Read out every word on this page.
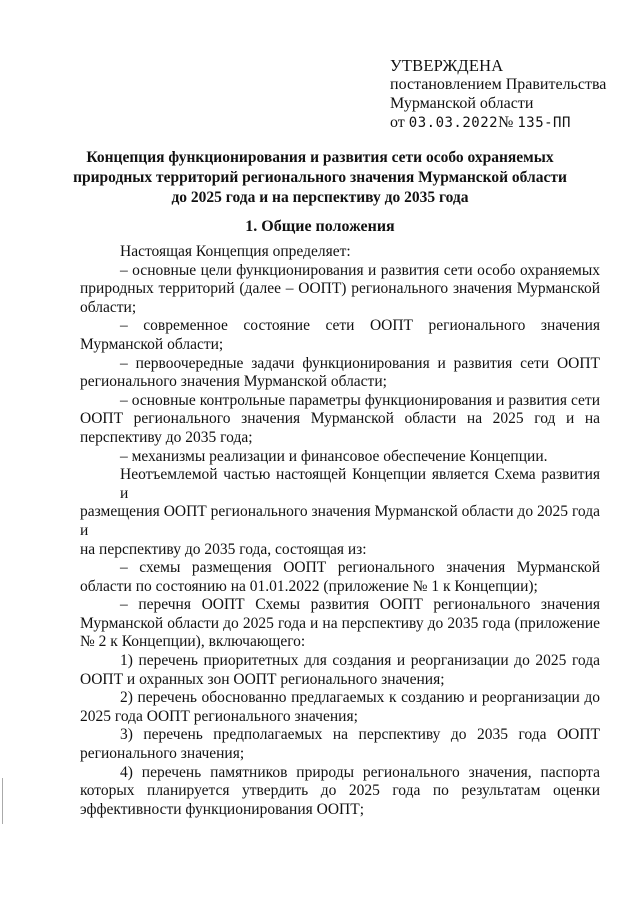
УТВЕРЖДЕНА
постановлением Правительства
Мурманской области
от 03.03.2022№ 135-ПП
Концепция функционирования и развития сети особо охраняемых
природных территорий регионального значения Мурманской области
до 2025 года и на перспективу до 2035 года
1. Общие положения
Настоящая Концепция определяет:
– основные цели функционирования и развития сети особо охраняемых
природных территорий (далее – ООПТ) регионального значения Мурманской
области;
– современное состояние сети ООПТ регионального значения
Мурманской области;
– первоочередные задачи функционирования и развития сети ООПТ
регионального значения Мурманской области;
– основные контрольные параметры функционирования и развития сети
ООПТ регионального значения Мурманской области на 2025 год и на
перспективу до 2035 года;
– механизмы реализации и финансовое обеспечение Концепции.
Неотъемлемой частью настоящей Концепции является Схема развития и
размещения ООПТ регионального значения Мурманской области до 2025 года и
на перспективу до 2035 года, состоящая из:
– схемы размещения ООПТ регионального значения Мурманской
области по состоянию на 01.01.2022 (приложение № 1 к Концепции);
– перечня ООПТ Схемы развития ООПТ регионального значения
Мурманской области до 2025 года и на перспективу до 2035 года (приложение
№ 2 к Концепции), включающего:
1) перечень приоритетных для создания и реорганизации до 2025 года
ООПТ и охранных зон ООПТ регионального значения;
2) перечень обоснованно предлагаемых к созданию и реорганизации до
2025 года ООПТ регионального значения;
3) перечень предполагаемых на перспективу до 2035 года ООПТ
регионального значения;
4) перечень памятников природы регионального значения, паспорта
которых планируется утвердить до 2025 года по результатам оценки
эффективности функционирования ООПТ;
